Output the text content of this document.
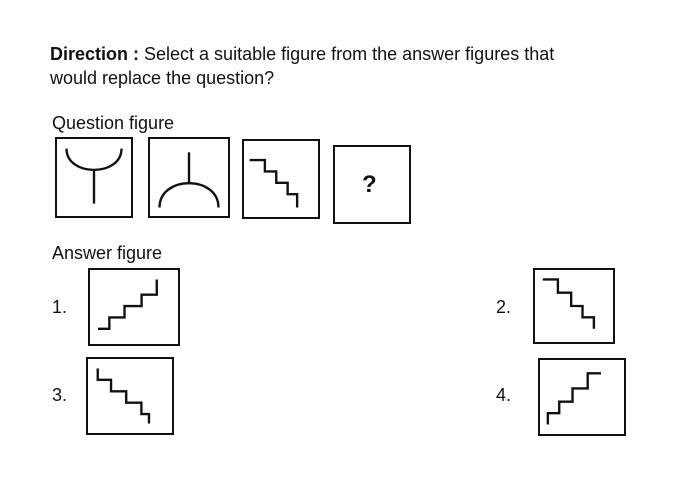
Direction : Select a suitable figure from the answer figures that would replace the question?
Question figure
?
Answer figure
1.	2.
3.	4.
